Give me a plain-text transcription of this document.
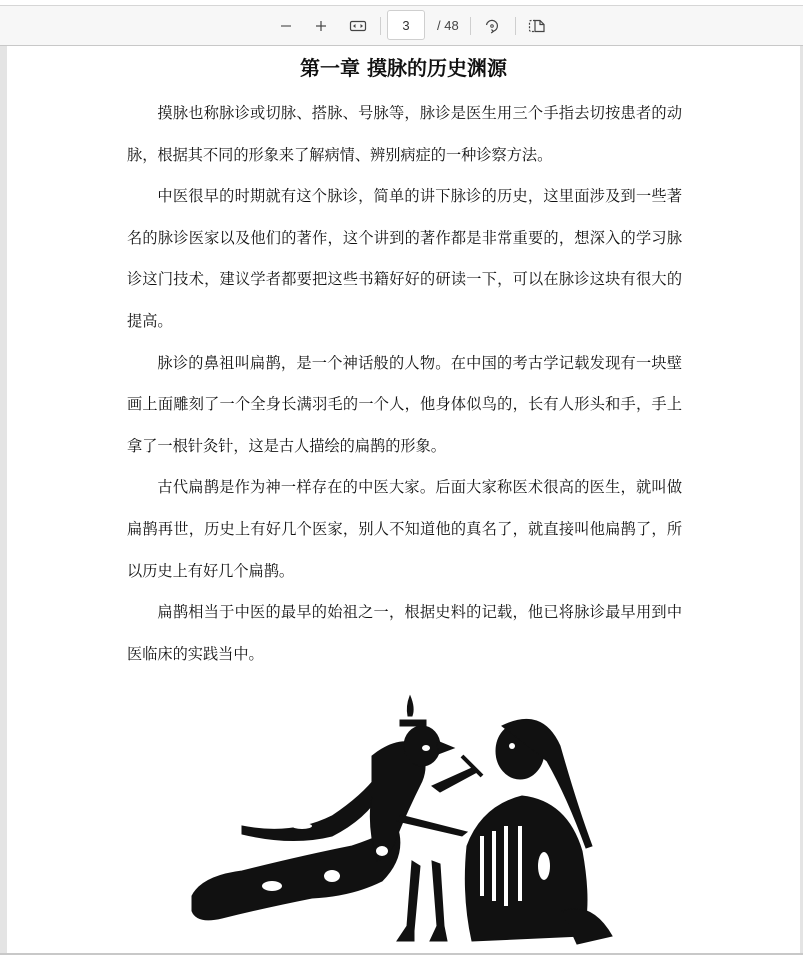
3
/ 48
第一章 摸脉的历史渊源

摸脉也称脉诊或切脉、搭脉、号脉等，脉诊是医生用三个手指去切按患者的动脉，根据其不同的形象来了解病情、辨别病症的一种诊察方法。

中医很早的时期就有这个脉诊，简单的讲下脉诊的历史，这里面涉及到一些著名的脉诊医家以及他们的著作，这个讲到的著作都是非常重要的，想深入的学习脉诊这门技术，建议学者都要把这些书籍好好的研读一下，可以在脉诊这块有很大的提高。

脉诊的鼻祖叫扁鹊，是一个神话般的人物。在中国的考古学记载发现有一块壁画上面雕刻了一个全身长满羽毛的一个人，他身体似鸟的，长有人形头和手，手上拿了一根针灸针，这是古人描绘的扁鹊的形象。

古代扁鹊是作为神一样存在的中医大家。后面大家称医术很高的医生，就叫做扁鹊再世，历史上有好几个医家，别人不知道他的真名了，就直接叫他扁鹊了，所以历史上有好几个扁鹊。

扁鹊相当于中医的最早的始祖之一，根据史料的记载，他已将脉诊最早用到中医临床的实践当中。
